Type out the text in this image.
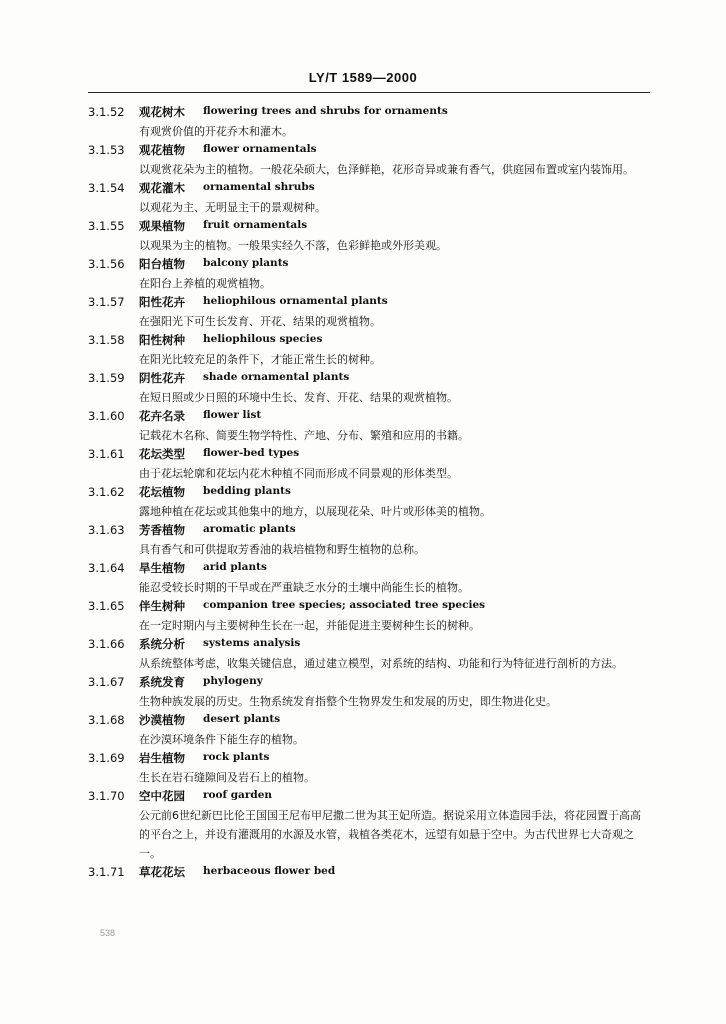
LY/T 1589—2000
3.1.52 观花树木 flowering trees and shrubs for ornaments
有观赏价值的开花乔木和灌木。
3.1.53 观花植物 flower ornamentals
以观赏花朵为主的植物。一般花朵硕大，色泽鲜艳，花形奇异或兼有香气，供庭园布置或室内装饰用。
3.1.54 观花灌木 ornamental shrubs
以观花为主、无明显主干的景观树种。
3.1.55 观果植物 fruit ornamentals
以观果为主的植物。一般果实经久不落，色彩鲜艳或外形美观。
3.1.56 阳台植物 balcony plants
在阳台上养植的观赏植物。
3.1.57 阳性花卉 heliophilous ornamental plants
在强阳光下可生长发育、开花、结果的观赏植物。
3.1.58 阳性树种 heliophilous species
在阳光比较充足的条件下，才能正常生长的树种。
3.1.59 阴性花卉 shade ornamental plants
在短日照或少日照的环境中生长、发育、开花、结果的观赏植物。
3.1.60 花卉名录 flower list
记载花木名称、简要生物学特性、产地、分布、繁殖和应用的书籍。
3.1.61 花坛类型 flower-bed types
由于花坛轮廓和花坛内花木种植不同而形成不同景观的形体类型。
3.1.62 花坛植物 bedding plants
露地种植在花坛或其他集中的地方，以展现花朵、叶片或形体美的植物。
3.1.63 芳香植物 aromatic plants
具有香气和可供提取芳香油的栽培植物和野生植物的总称。
3.1.64 旱生植物 arid plants
能忍受较长时期的干旱或在严重缺乏水分的土壤中尚能生长的植物。
3.1.65 伴生树种 companion tree species; associated tree species
在一定时期内与主要树种生长在一起，并能促进主要树种生长的树种。
3.1.66 系统分析 systems analysis
从系统整体考虑，收集关键信息，通过建立模型，对系统的结构、功能和行为特征进行剖析的方法。
3.1.67 系统发育 phylogeny
生物种族发展的历史。生物系统发育指整个生物界发生和发展的历史，即生物进化史。
3.1.68 沙漠植物 desert plants
在沙漠环境条件下能生存的植物。
3.1.69 岩生植物 rock plants
生长在岩石缝隙间及岩石上的植物。
3.1.70 空中花园 roof garden
公元前6世纪新巴比伦王国国王尼布甲尼撒二世为其王妃所造。据说采用立体造园手法，将花园置于高高的平台之上，并设有灌溉用的水源及水管，栽植各类花木，远望有如悬于空中。为古代世界七大奇观之一。
3.1.71 草花花坛 herbaceous flower bed
538
